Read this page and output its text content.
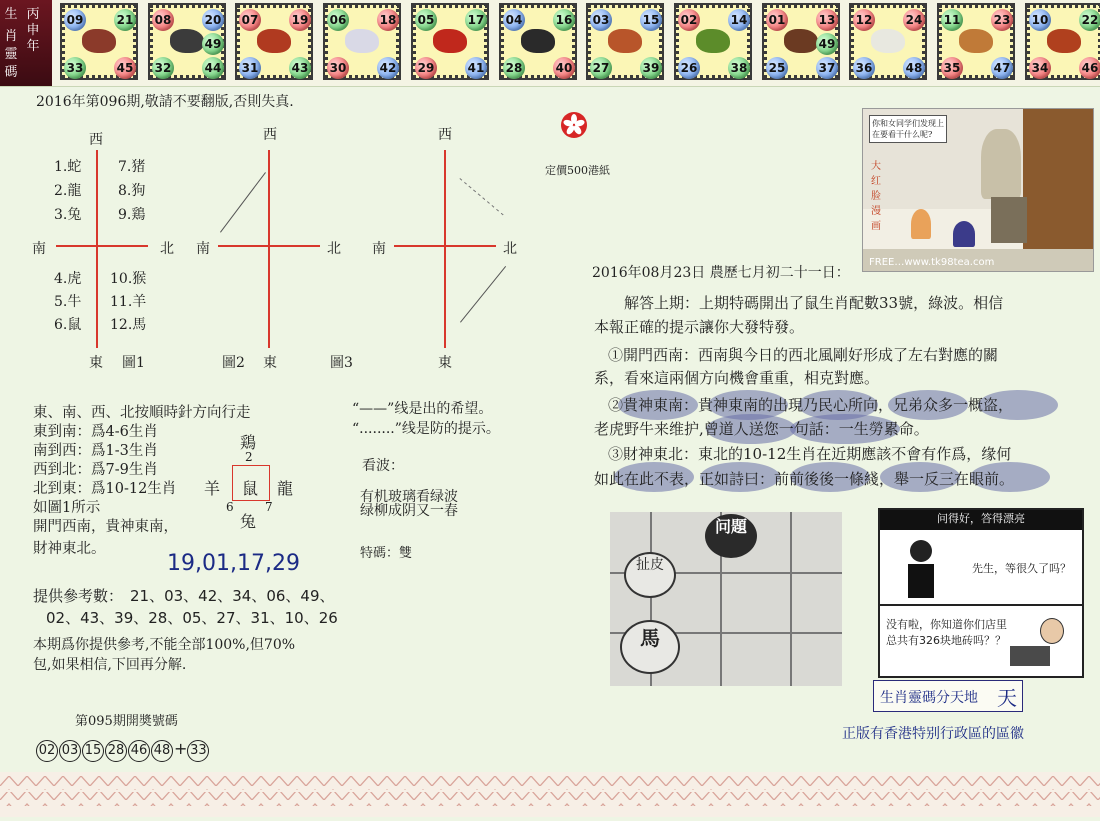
生 丙
肖 申
靈
年
碼
09	21
33	45
08	20
49
32	44
07	19
31	43
06	18
30	42
05	17
29	41
04	16
28	40
03	15
27	39
02	14
26	38
01	13
49
25	37
12	24
36	48
11	23
35	47
10	22
34	46
2016年第096期,敬請不要翻版,否則失真.
西
東
南	北
圖1
1.蛇
2.龍
3.兔
7.猪
8.狗
9.鶏
4.虎
5.牛
6.鼠
10.猴
11.羊
12.馬
西
東
南	北
圖2
西
東
南	北
圖3
定價500港紙
東、南、西、北按順時針方向行走
東到南：爲4-6生肖
南到西：爲1-3生肖
西到北：爲7-9生肖
北到東：爲10-12生肖
如圖1所示
開門西南，貴神東南，
財神東北。
鶏
2
羊 鼠 龍
6	7
兔
“——”线是出的希望。
“........”线是防的提示。
看波：
有机玻璃看绿波
绿柳成阴又一春
特碼：雙
19,01,17,29
提供參考數： 21、03、42、34、06、49、
02、43、39、28、05、27、31、10、26
本期爲你提供參考,不能全部100%,但70%
包,如果相信,下回再分解.
第095期開奬號碼
02 03 15 28 46 48 + 33
你和女同学们发现上在要看干什么呢?
大红脸漫画
FREE…www.tk98tea.com
2016年08月23日 農歷七月初二十一日：
解答上期：上期特碼開出了鼠生肖配數33號，綠波。相信
本報正確的提示讓你大發特發。
①開門西南：西南與今日的西北風剛好形成了左右對應的關
系，看來這兩個方向機會重重，相克對應。
②貴神東南：貴神東南的出現乃民心所向，兄弟众多一概盗，
老虎野牛来维护,曾道人送您一句話：一生勞累命。
③財神東北：東北的10-12生肖在近期應該不會有作爲，缘何
如此在此不表，正如詩曰：前前後後一條綫，舉一反三在眼前。
问題
扯皮
馬
问得好，答得漂亮
先生，等很久了吗？
没有啦，你知道你们店里
总共有326块地砖吗？？
生肖靈碼分天地 天
正版有香港特别行政區的區徽
